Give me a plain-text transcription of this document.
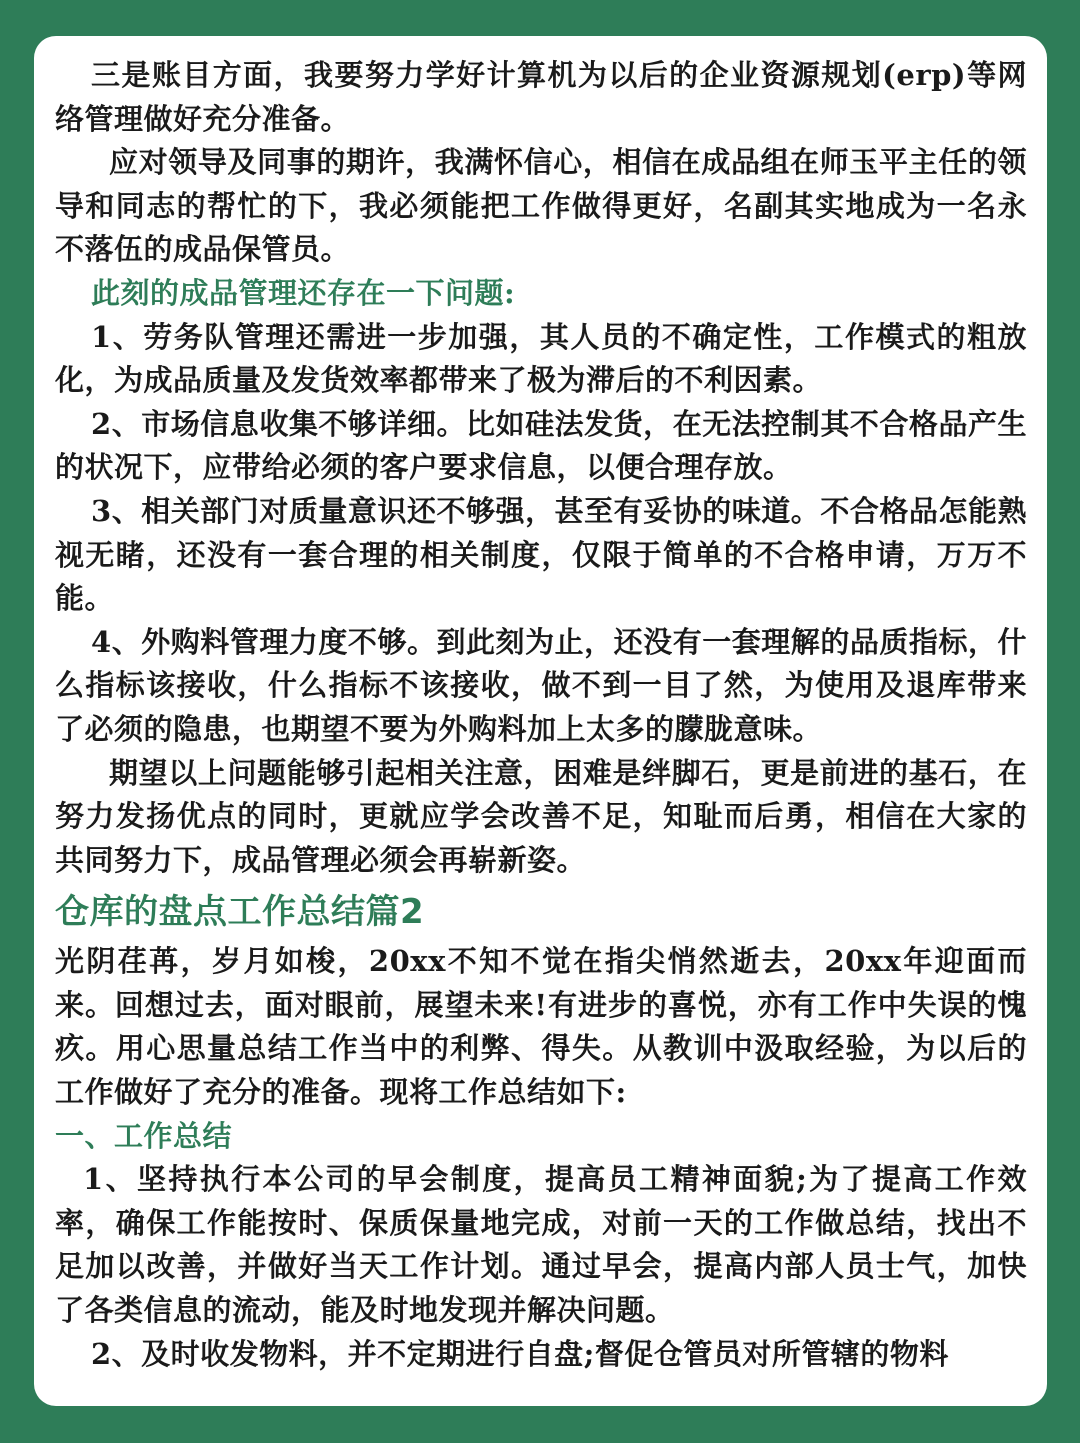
三是账目方面，我要努力学好计算机为以后的企业资源规划(erp)等网络管理做好充分准备。

应对领导及同事的期许，我满怀信心，相信在成品组在师玉平主任的领导和同志的帮忙的下，我必须能把工作做得更好，名副其实地成为一名永不落伍的成品保管员。

此刻的成品管理还存在一下问题:

1、劳务队管理还需进一步加强，其人员的不确定性，工作模式的粗放化，为成品质量及发货效率都带来了极为滞后的不利因素。

2、市场信息收集不够详细。比如硅法发货，在无法控制其不合格品产生的状况下，应带给必须的客户要求信息，以便合理存放。

3、相关部门对质量意识还不够强，甚至有妥协的味道。不合格品怎能熟视无睹，还没有一套合理的相关制度，仅限于简单的不合格申请，万万不能。

4、外购料管理力度不够。到此刻为止，还没有一套理解的品质指标，什么指标该接收，什么指标不该接收，做不到一目了然，为使用及退库带来了必须的隐患，也期望不要为外购料加上太多的朦胧意味。

期望以上问题能够引起相关注意，困难是绊脚石，更是前进的基石，在努力发扬优点的同时，更就应学会改善不足，知耻而后勇，相信在大家的共同努力下，成品管理必须会再崭新姿。

仓库的盘点工作总结篇2

光阴荏苒，岁月如梭，20xx不知不觉在指尖悄然逝去，20xx年迎面而来。回想过去，面对眼前，展望未来!有进步的喜悦，亦有工作中失误的愧疚。用心思量总结工作当中的利弊、得失。从教训中汲取经验，为以后的工作做好了充分的准备。现将工作总结如下:

一、工作总结

1、坚持执行本公司的早会制度，提高员工精神面貌;为了提高工作效率，确保工作能按时、保质保量地完成，对前一天的工作做总结，找出不足加以改善，并做好当天工作计划。通过早会，提高内部人员士气，加快了各类信息的流动，能及时地发现并解决问题。

2、及时收发物料，并不定期进行自盘;督促仓管员对所管辖的物料
